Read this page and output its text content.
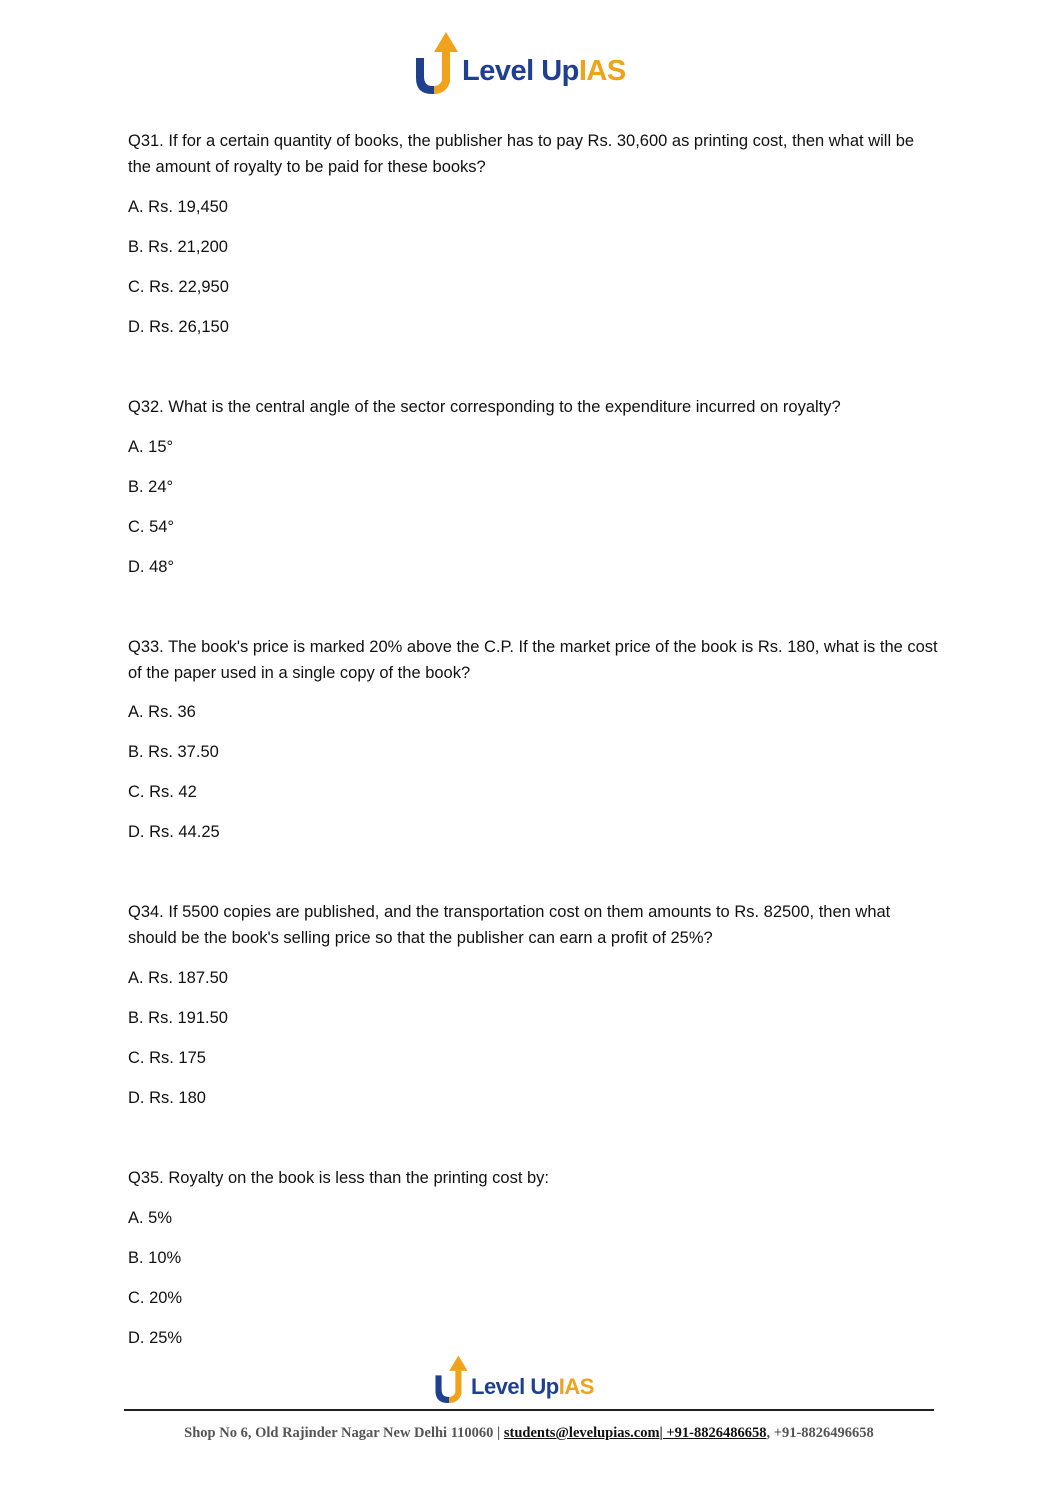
Level UpIAS
Q31. If for a certain quantity of books, the publisher has to pay Rs. 30,600 as printing cost, then what will be the amount of royalty to be paid for these books?
A. Rs. 19,450
B. Rs. 21,200
C. Rs. 22,950
D. Rs. 26,150
Q32. What is the central angle of the sector corresponding to the expenditure incurred on royalty?
A. 15°
B. 24°
C. 54°
D. 48°
Q33. The book's price is marked 20% above the C.P. If the market price of the book is Rs. 180, what is the cost of the paper used in a single copy of the book?
A. Rs. 36
B. Rs. 37.50
C. Rs. 42
D. Rs. 44.25
Q34. If 5500 copies are published, and the transportation cost on them amounts to Rs. 82500, then what should be the book's selling price so that the publisher can earn a profit of 25%?
A. Rs. 187.50
B. Rs. 191.50
C. Rs. 175
D. Rs. 180
Q35. Royalty on the book is less than the printing cost by:
A. 5%
B. 10%
C. 20%
D. 25%
Level UpIAS
Shop No 6, Old Rajinder Nagar New Delhi 110060 | students@levelupias.com| +91-8826486658, +91-8826496658
